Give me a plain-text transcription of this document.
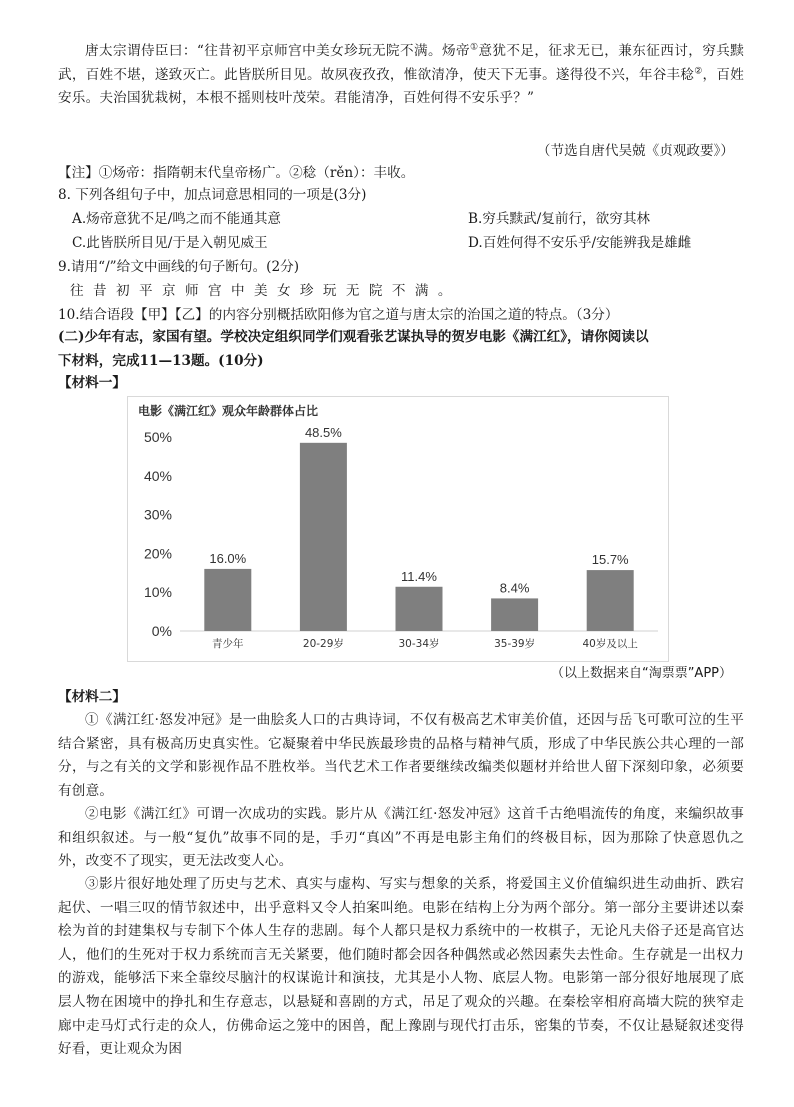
唐太宗谓侍臣曰：“往昔初平京师宫中美女珍玩无院不满。炀帝①意犹不足，征求无已，兼东征西讨，穷兵黩武，百姓不堪，遂致灭亡。此皆朕所目见。故夙夜孜孜，惟欲清净，使天下无事。遂得役不兴，年谷丰稔②，百姓安乐。夫治国犹栽树，本根不摇则枝叶茂荣。君能清净，百姓何得不安乐乎？”
（节选自唐代吴兢《贞观政要》）
【注】①炀帝：指隋朝末代皇帝杨广。②稔（rěn）：丰收。
8. 下列各组句子中，加点词意思相同的一项是(3分)
A.炀帝意犹不足/鸣之而不能通其意	B.穷兵黩武/复前行，欲穷其林
C.此皆朕所目见/于是入朝见威王	D.百姓何得不安乐乎/安能辨我是雄雌
9.请用“/”给文中画线的句子断句。(2分)
往昔初平京师宫中美女珍玩无院不满。
10.结合语段【甲】【乙】的内容分别概括欧阳修为官之道与唐太宗的治国之道的特点。（3分）
(二)少年有志，家国有望。学校决定组织同学们观看张艺谋执导的贺岁电影《满江红》，请你阅读以
下材料，完成11—13题。(10分)
【材料一】
电影《满江红》观众年龄群体占比
0%
10%
20%
30%
40%
50%
16.0%
青少年
48.5%
20-29岁
11.4%
30-34岁
8.4%
35-39岁
15.7%
40岁及以上
（以上数据来自“淘票票”APP）
【材料二】
①《满江红·怒发冲冠》是一曲脍炙人口的古典诗词，不仅有极高艺术审美价值，还因与岳飞可歌可泣的生平结合紧密，具有极高历史真实性。它凝聚着中华民族最珍贵的品格与精神气质，形成了中华民族公共心理的一部分，与之有关的文学和影视作品不胜枚举。当代艺术工作者要继续改编类似题材并给世人留下深刻印象，必须要有创意。
②电影《满江红》可谓一次成功的实践。影片从《满江红·怒发冲冠》这首千古绝唱流传的角度，来编织故事和组织叙述。与一般“复仇”故事不同的是，手刃“真凶”不再是电影主角们的终极目标，因为那除了快意恩仇之外，改变不了现实，更无法改变人心。
③影片很好地处理了历史与艺术、真实与虚构、写实与想象的关系，将爱国主义价值编织进生动曲折、跌宕起伏、一唱三叹的情节叙述中，出乎意料又令人拍案叫绝。电影在结构上分为两个部分。第一部分主要讲述以秦桧为首的封建集权与专制下个体人生存的悲剧。每个人都只是权力系统中的一枚棋子，无论凡夫俗子还是高官达人，他们的生死对于权力系统而言无关紧要，他们随时都会因各种偶然或必然因素失去性命。生存就是一出权力的游戏，能够活下来全靠绞尽脑汁的权谋诡计和演技，尤其是小人物、底层人物。电影第一部分很好地展现了底层人物在困境中的挣扎和生存意志，以悬疑和喜剧的方式，吊足了观众的兴趣。在秦桧宰相府高墙大院的狭窄走廊中走马灯式行走的众人，仿佛命运之笼中的困兽，配上豫剧与现代打击乐，密集的节奏，不仅让悬疑叙述变得好看，更让观众为困
